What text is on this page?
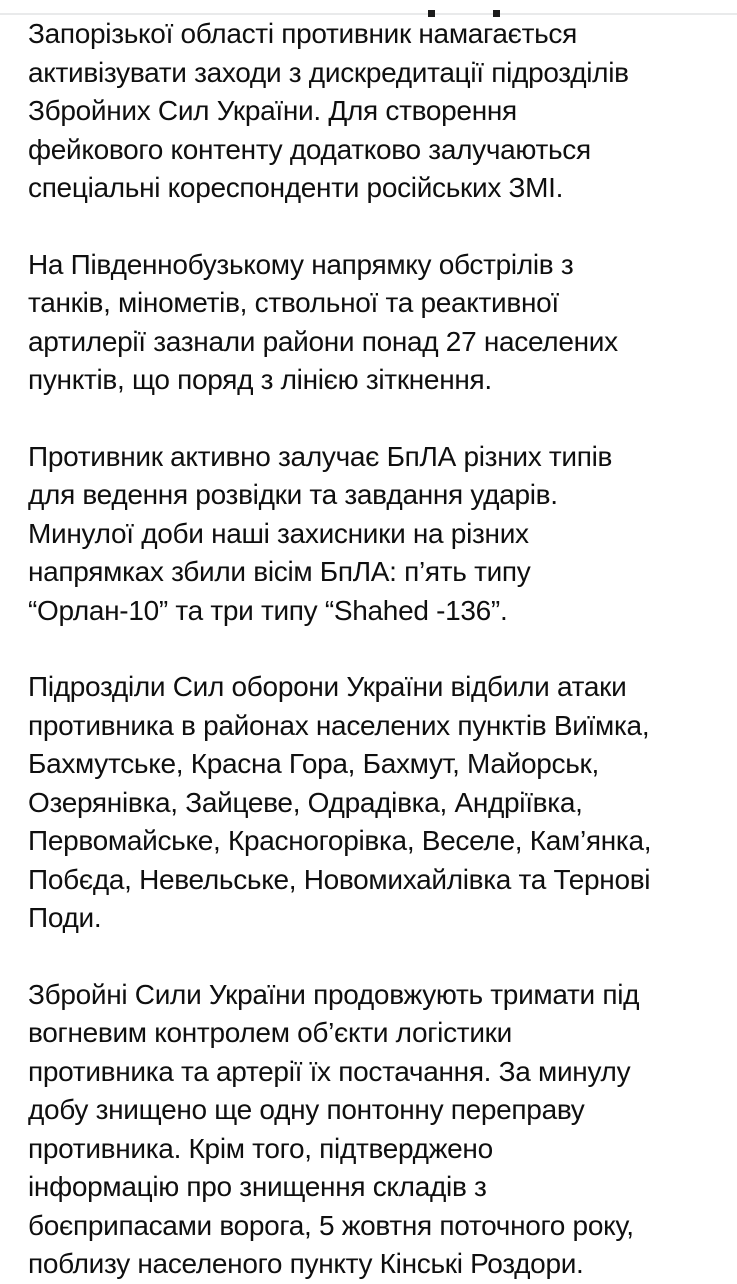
Запорізької області противник намагається
активізувати заходи з дискредитації підрозділів
Збройних Сил України. Для створення
фейкового контенту додатково залучаються
спеціальні кореспонденти російських ЗМІ.

На Південнобузькому напрямку обстрілів з
танків, мінометів, ствольної та реактивної
артилерії зазнали райони понад 27 населених
пунктів, що поряд з лінією зіткнення.

Противник активно залучає БпЛА різних типів
для ведення розвідки та завдання ударів.
Минулої доби наші захисники на різних
напрямках збили вісім БпЛА: п’ять типу
“Орлан-10” та три типу “Shahed -136”.

Підрозділи Сил оборони України відбили атаки
противника в районах населених пунктів Виїмка,
Бахмутське, Красна Гора, Бахмут, Майорськ,
Озерянівка, Зайцеве, Одрадівка, Андріївка,
Первомайське, Красногорівка, Веселе, Кам’янка,
Побєда, Невельське, Новомихайлівка та Тернові
Поди.

Збройні Сили України продовжують тримати під
вогневим контролем об’єкти логістики
противника та артерії їх постачання. За минулу
добу знищено ще одну понтонну переправу
противника. Крім того, підтверджено
інформацію про знищення складів з
боєприпасами ворога, 5 жовтня поточного року,
поблизу населеного пункту Кінські Роздори.
